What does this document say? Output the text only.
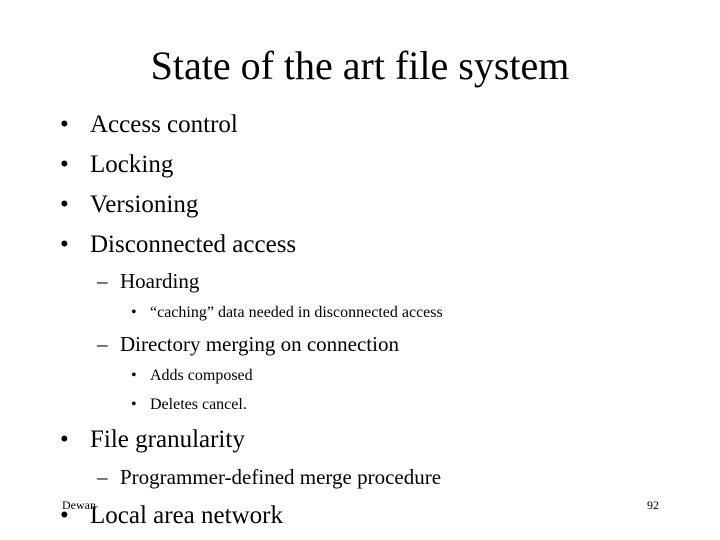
State of the art file system
• Access control
• Locking
• Versioning
• Disconnected access
– Hoarding
• “caching” data needed in disconnected access
– Directory merging on connection
• Adds composed
• Deletes cancel.
• File granularity
– Programmer-defined merge procedure
• Local area network
Dewan	92
